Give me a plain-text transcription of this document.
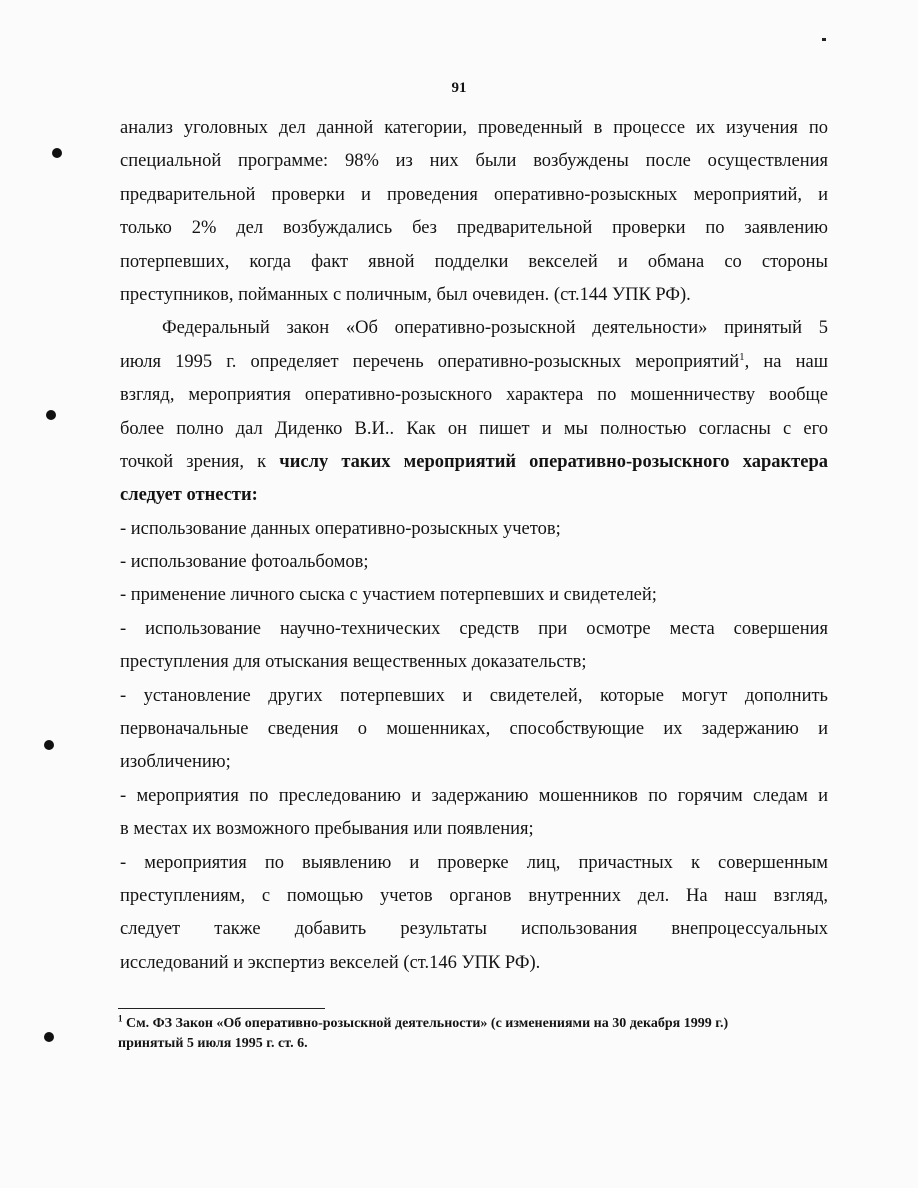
91
анализ уголовных дел данной категории, проведенный в процессе их изучения по
специальной программе: 98% из них были возбуждены после осуществления
предварительной проверки и проведения оперативно-розыскных мероприятий, и
только 2% дел возбуждались без предварительной проверки по заявлению
потерпевших, когда факт явной подделки векселей и обмана со стороны
преступников, пойманных с поличным, был очевиден. (ст.144 УПК РФ).
Федеральный закон «Об оперативно-розыскной деятельности» принятый 5
июля 1995 г. определяет перечень оперативно-розыскных мероприятий$^1$, на наш
взгляд, мероприятия оперативно-розыскного характера по мошенничеству вообще
более полно дал Диденко В.И.. Как он пишет и мы полностью согласны с его
точкой зрения, к числу таких мероприятий оперативно-розыскного характера
следует отнести:
- использование данных оперативно-розыскных учетов;
- использование фотоальбомов;
- применение личного сыска с участием потерпевших и свидетелей;
- использование научно-технических средств при осмотре места совершения
преступления для отыскания вещественных доказательств;
- установление других потерпевших и свидетелей, которые могут дополнить
первоначальные сведения о мошенниках, способствующие их задержанию и
изобличению;
- мероприятия по преследованию и задержанию мошенников по горячим следам и
в местах их возможного пребывания или появления;
- мероприятия по выявлению и проверке лиц, причастных к совершенным
преступлениям, с помощью учетов органов внутренних дел. На наш взгляд,
следует также добавить результаты использования внепроцессуальных
исследований и экспертиз векселей (ст.146 УПК РФ).
$^1$ См. ФЗ Закон «Об оперативно-розыскной деятельности» (с изменениями на 30 декабря 1999 г.)
принятый 5 июля 1995 г. ст. 6.
